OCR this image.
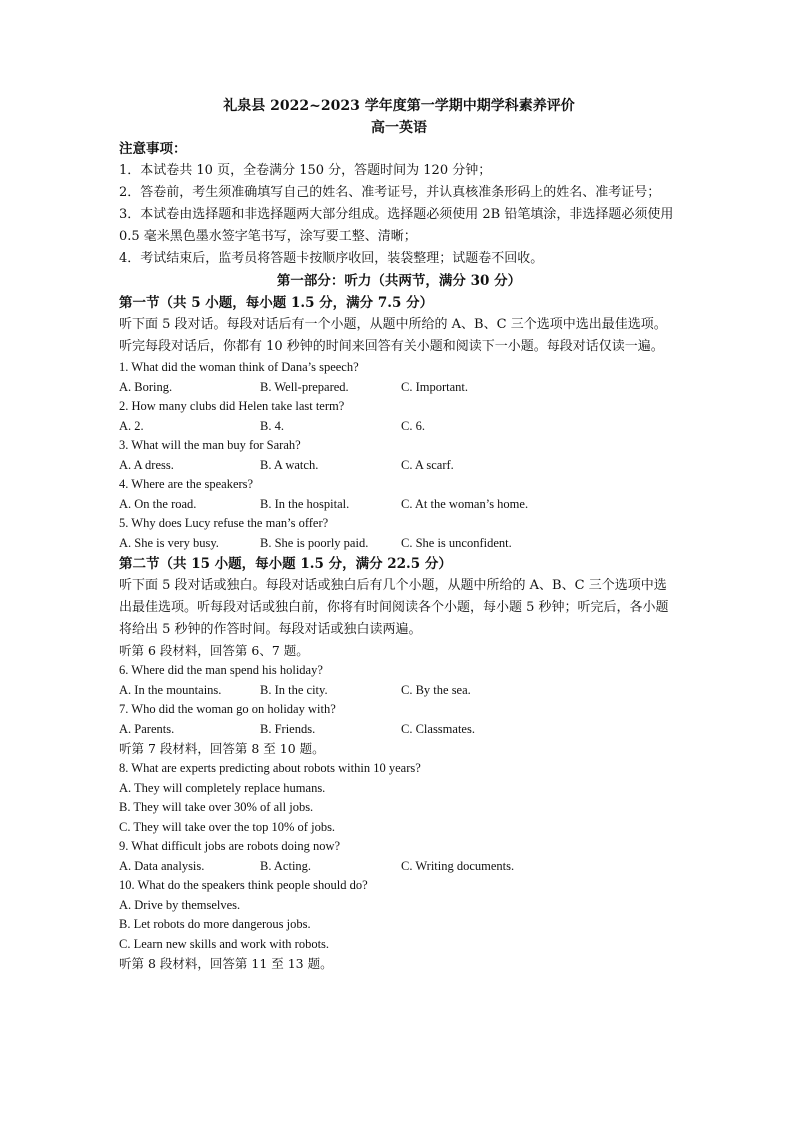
礼泉县 2022~2023 学年度第一学期中期学科素养评价
高一英语
注意事项：
1．本试卷共 10 页，全卷满分 150 分，答题时间为 120 分钟；
2．答卷前，考生须准确填写自己的姓名、准考证号，并认真核准条形码上的姓名、准考证号；
3．本试卷由选择题和非选择题两大部分组成。选择题必须使用 2B 铅笔填涂，非选择题必须使用 0.5 毫米黑色墨水签字笔书写，涂写要工整、清晰；
4．考试结束后，监考员将答题卡按顺序收回，装袋整理；试题卷不回收。
第一部分：听力（共两节，满分 30 分）
第一节（共 5 小题，每小题 1.5 分，满分 7.5 分）
听下面 5 段对话。每段对话后有一个小题，从题中所给的 A、B、C 三个选项中选出最佳选项。听完每段对话后，你都有 10 秒钟的时间来回答有关小题和阅读下一小题。每段对话仅读一遍。
1. What did the woman think of Dana’s speech?
A. Boring.	B. Well-prepared.	C. Important.
2. How many clubs did Helen take last term?
A. 2.	B. 4.	C. 6.
3. What will the man buy for Sarah?
A. A dress.	B. A watch.	C. A scarf.
4. Where are the speakers?
A. On the road.	B. In the hospital.	C. At the woman’s home.
5. Why does Lucy refuse the man’s offer?
A. She is very busy.	B. She is poorly paid.	C. She is unconfident.
第二节（共 15 小题，每小题 1.5 分，满分 22.5 分）
听下面 5 段对话或独白。每段对话或独白后有几个小题，从题中所给的 A、B、C 三个选项中选出最佳选项。听每段对话或独白前，你将有时间阅读各个小题，每小题 5 秒钟；听完后，各小题将给出 5 秒钟的作答时间。每段对话或独白读两遍。
听第 6 段材料，回答第 6、7 题。
6. Where did the man spend his holiday?
A. In the mountains.	B. In the city.	C. By the sea.
7. Who did the woman go on holiday with?
A. Parents.	B. Friends.	C. Classmates.
听第 7 段材料，回答第 8 至 10 题。
8. What are experts predicting about robots within 10 years?
A. They will completely replace humans.
B. They will take over 30% of all jobs.
C. They will take over the top 10% of jobs.
9. What difficult jobs are robots doing now?
A. Data analysis.	B. Acting.	C. Writing documents.
10. What do the speakers think people should do?
A. Drive by themselves.
B. Let robots do more dangerous jobs.
C. Learn new skills and work with robots.
听第 8 段材料，回答第 11 至 13 题。
